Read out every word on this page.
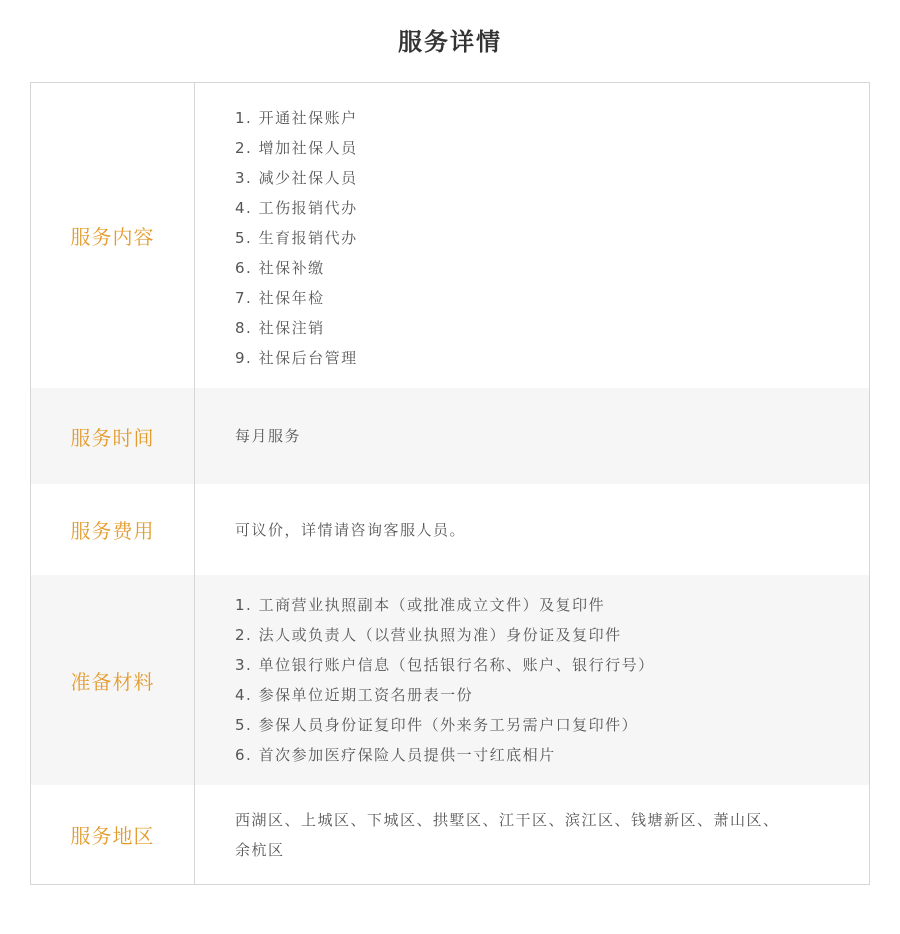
服务详情
服务内容
1. 开通社保账户
2. 增加社保人员
3. 减少社保人员
4. 工伤报销代办
5. 生育报销代办
6. 社保补缴
7. 社保年检
8. 社保注销
9. 社保后台管理
服务时间	每月服务
服务费用	可议价，详情请咨询客服人员。
准备材料
1. 工商营业执照副本（或批准成立文件）及复印件
2. 法人或负责人（以营业执照为准）身份证及复印件
3. 单位银行账户信息（包括银行名称、账户、银行行号）
4. 参保单位近期工资名册表一份
5. 参保人员身份证复印件（外来务工另需户口复印件）
6. 首次参加医疗保险人员提供一寸红底相片
服务地区
西湖区、上城区、下城区、拱墅区、江干区、滨江区、钱塘新区、萧山区、
余杭区
